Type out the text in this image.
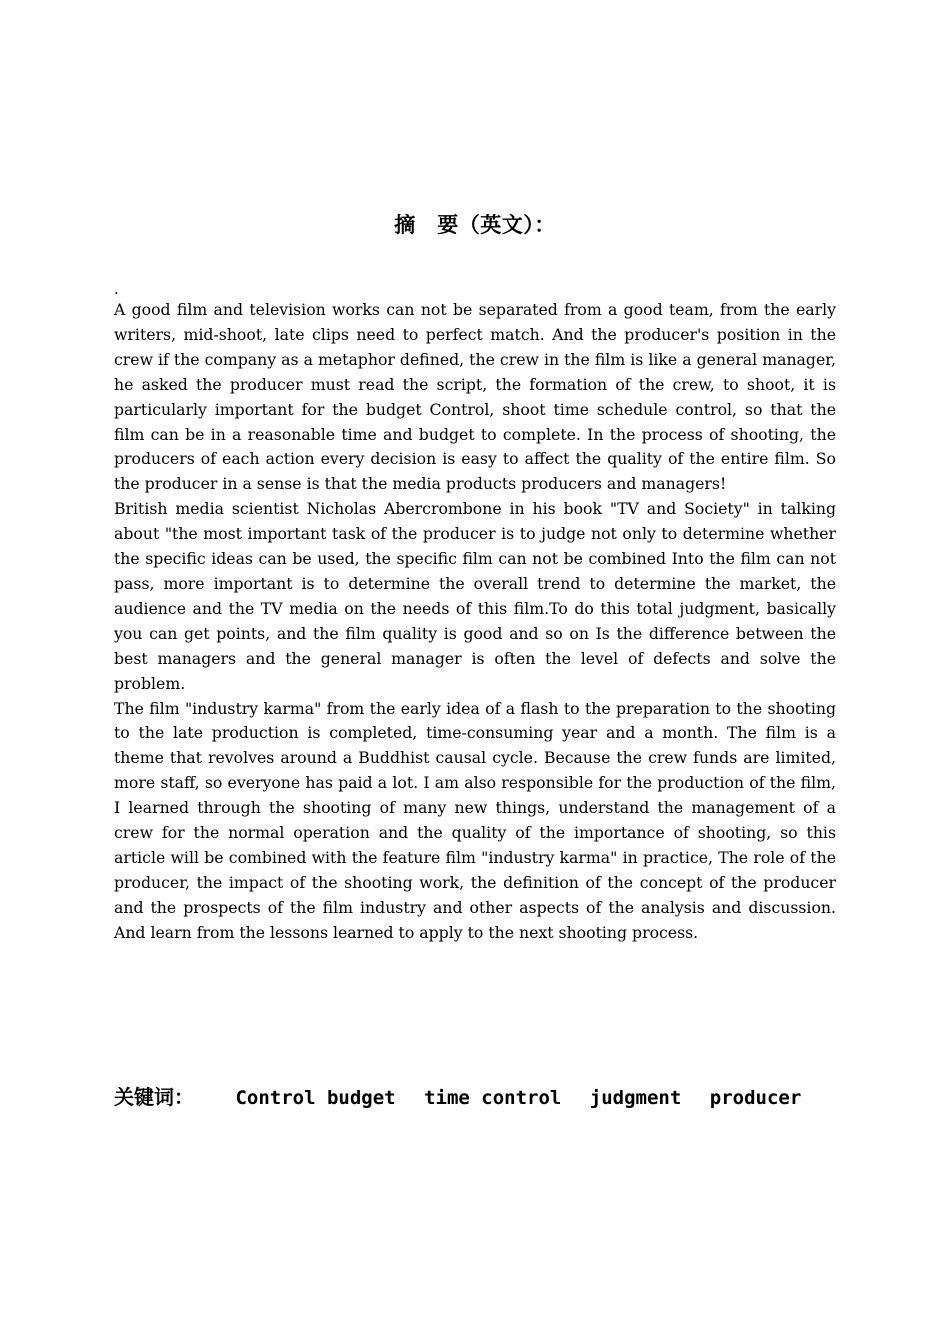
摘　要（英文）：
.

A good film and television works can not be separated from a good team, from the early writers, mid-shoot, late clips need to perfect match. And the producer's position in the crew if the company as a metaphor defined, the crew in the film is like a general manager, he asked the producer must read the script, the formation of the crew, to shoot, it is particularly important for the budget Control, shoot time schedule control, so that the film can be in a reasonable time and budget to complete. In the process of shooting, the producers of each action every decision is easy to affect the quality of the entire film. So the producer in a sense is that the media products producers and managers!

British media scientist Nicholas Abercrombone in his book "TV and Society" in talking about "the most important task of the producer is to judge not only to determine whether the specific ideas can be used, the specific film can not be combined Into the film can not pass, more important is to determine the overall trend to determine the market, the audience and the TV media on the needs of this film.To do this total judgment, basically you can get points, and the film quality is good and so on Is the difference between the best managers and the general manager is often the level of defects and solve the problem.

The film "industry karma" from the early idea of a flash to the preparation to the shooting to the late production is completed, time-consuming year and a month. The film is a theme that revolves around a Buddhist causal cycle. Because the crew funds are limited, more staff, so everyone has paid a lot. I am also responsible for the production of the film, I learned through the shooting of many new things, understand the management of a crew for the normal operation and the quality of the importance of shooting, so this article will be combined with the feature film "industry karma" in practice, The role of the producer, the impact of the shooting work, the definition of the concept of the producer and the prospects of the film industry and other aspects of the analysis and discussion. And learn from the lessons learned to apply to the next shooting process.

关键词： Control budget time control judgment producer
